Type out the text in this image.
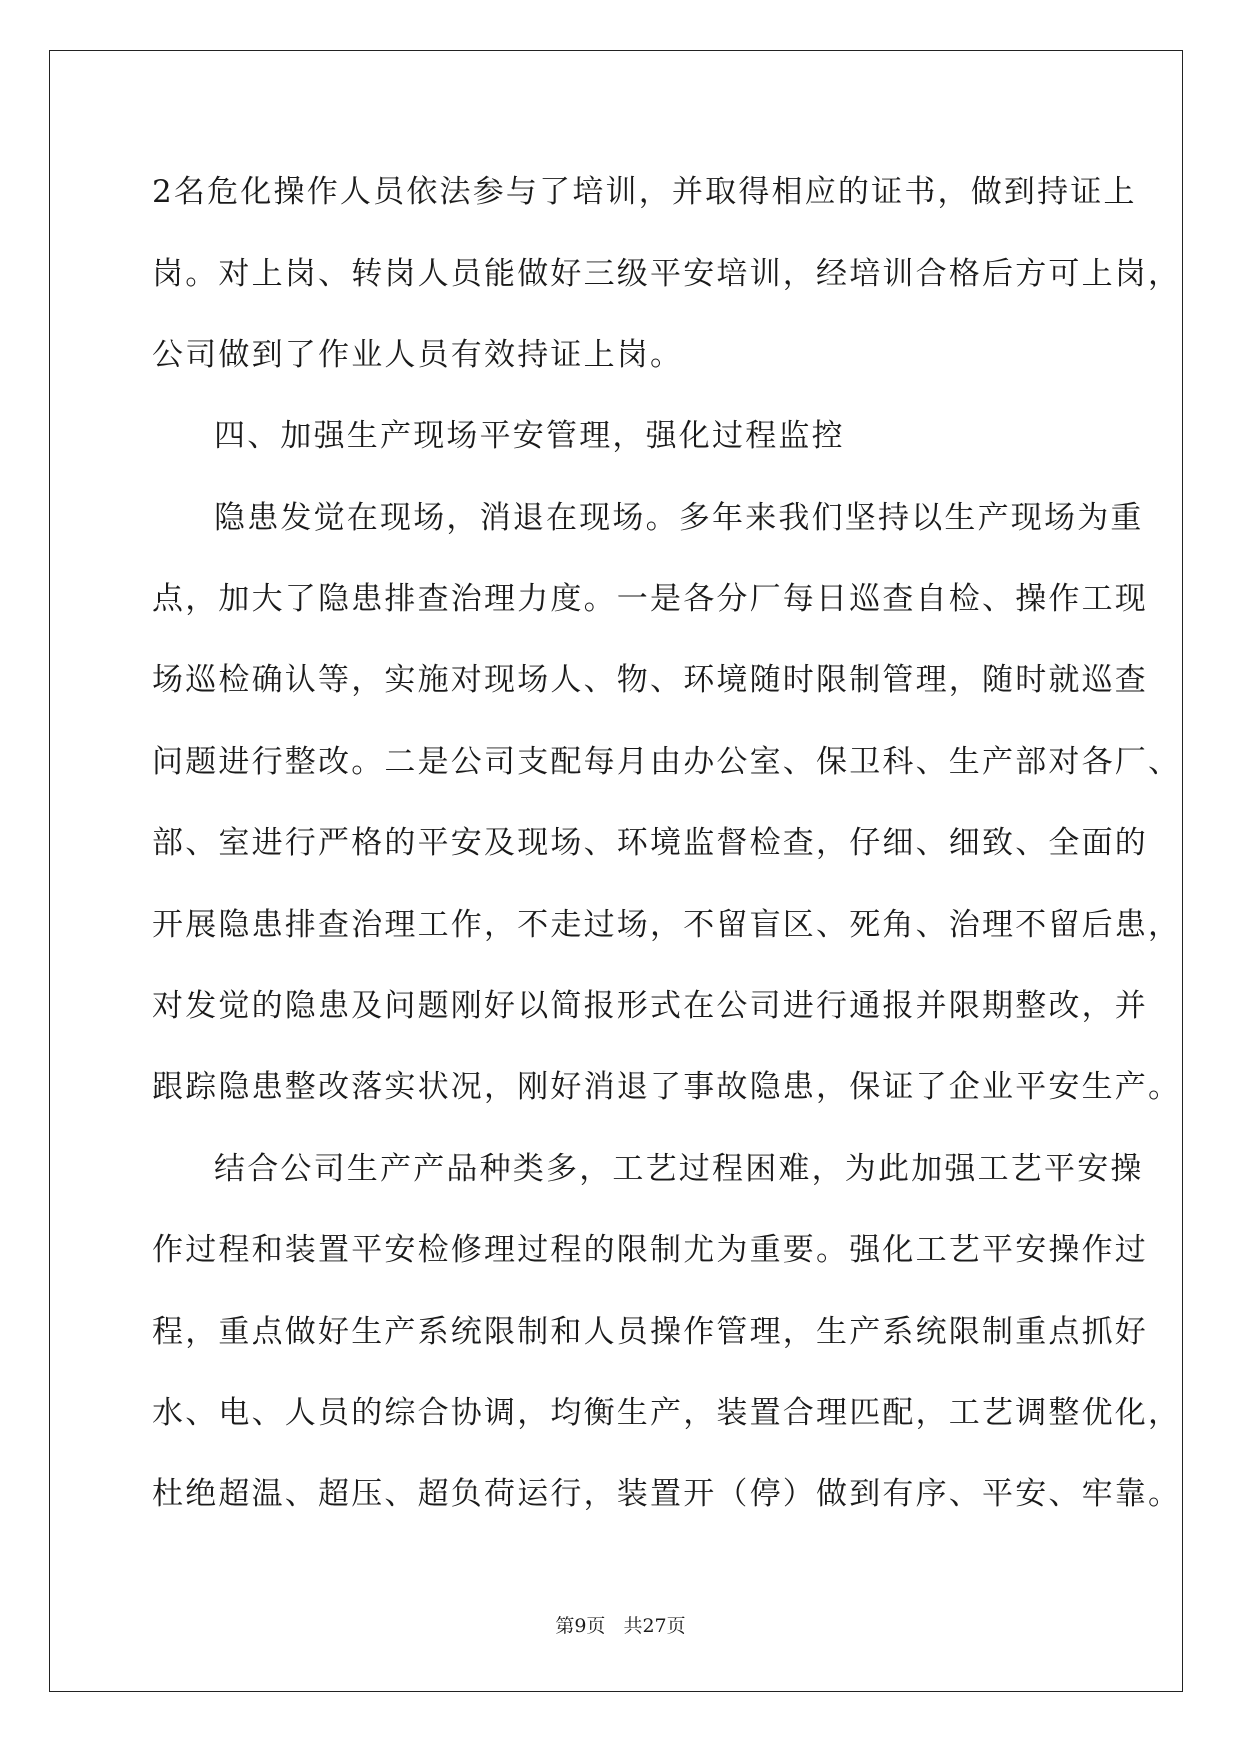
2名危化操作人员依法参与了培训，并取得相应的证书，做到持证上
岗。对上岗、转岗人员能做好三级平安培训，经培训合格后方可上岗，
公司做到了作业人员有效持证上岗。
四、加强生产现场平安管理，强化过程监控
隐患发觉在现场，消退在现场。多年来我们坚持以生产现场为重
点，加大了隐患排查治理力度。一是各分厂每日巡查自检、操作工现
场巡检确认等，实施对现场人、物、环境随时限制管理，随时就巡查
问题进行整改。二是公司支配每月由办公室、保卫科、生产部对各厂、
部、室进行严格的平安及现场、环境监督检查，仔细、细致、全面的
开展隐患排查治理工作，不走过场，不留盲区、死角、治理不留后患，
对发觉的隐患及问题刚好以简报形式在公司进行通报并限期整改，并
跟踪隐患整改落实状况，刚好消退了事故隐患，保证了企业平安生产。
结合公司生产产品种类多，工艺过程困难，为此加强工艺平安操
作过程和装置平安检修理过程的限制尤为重要。强化工艺平安操作过
程，重点做好生产系统限制和人员操作管理，生产系统限制重点抓好
水、电、人员的综合协调，均衡生产，装置合理匹配，工艺调整优化，
杜绝超温、超压、超负荷运行，装置开（停）做到有序、平安、牢靠。
第9页 共27页
